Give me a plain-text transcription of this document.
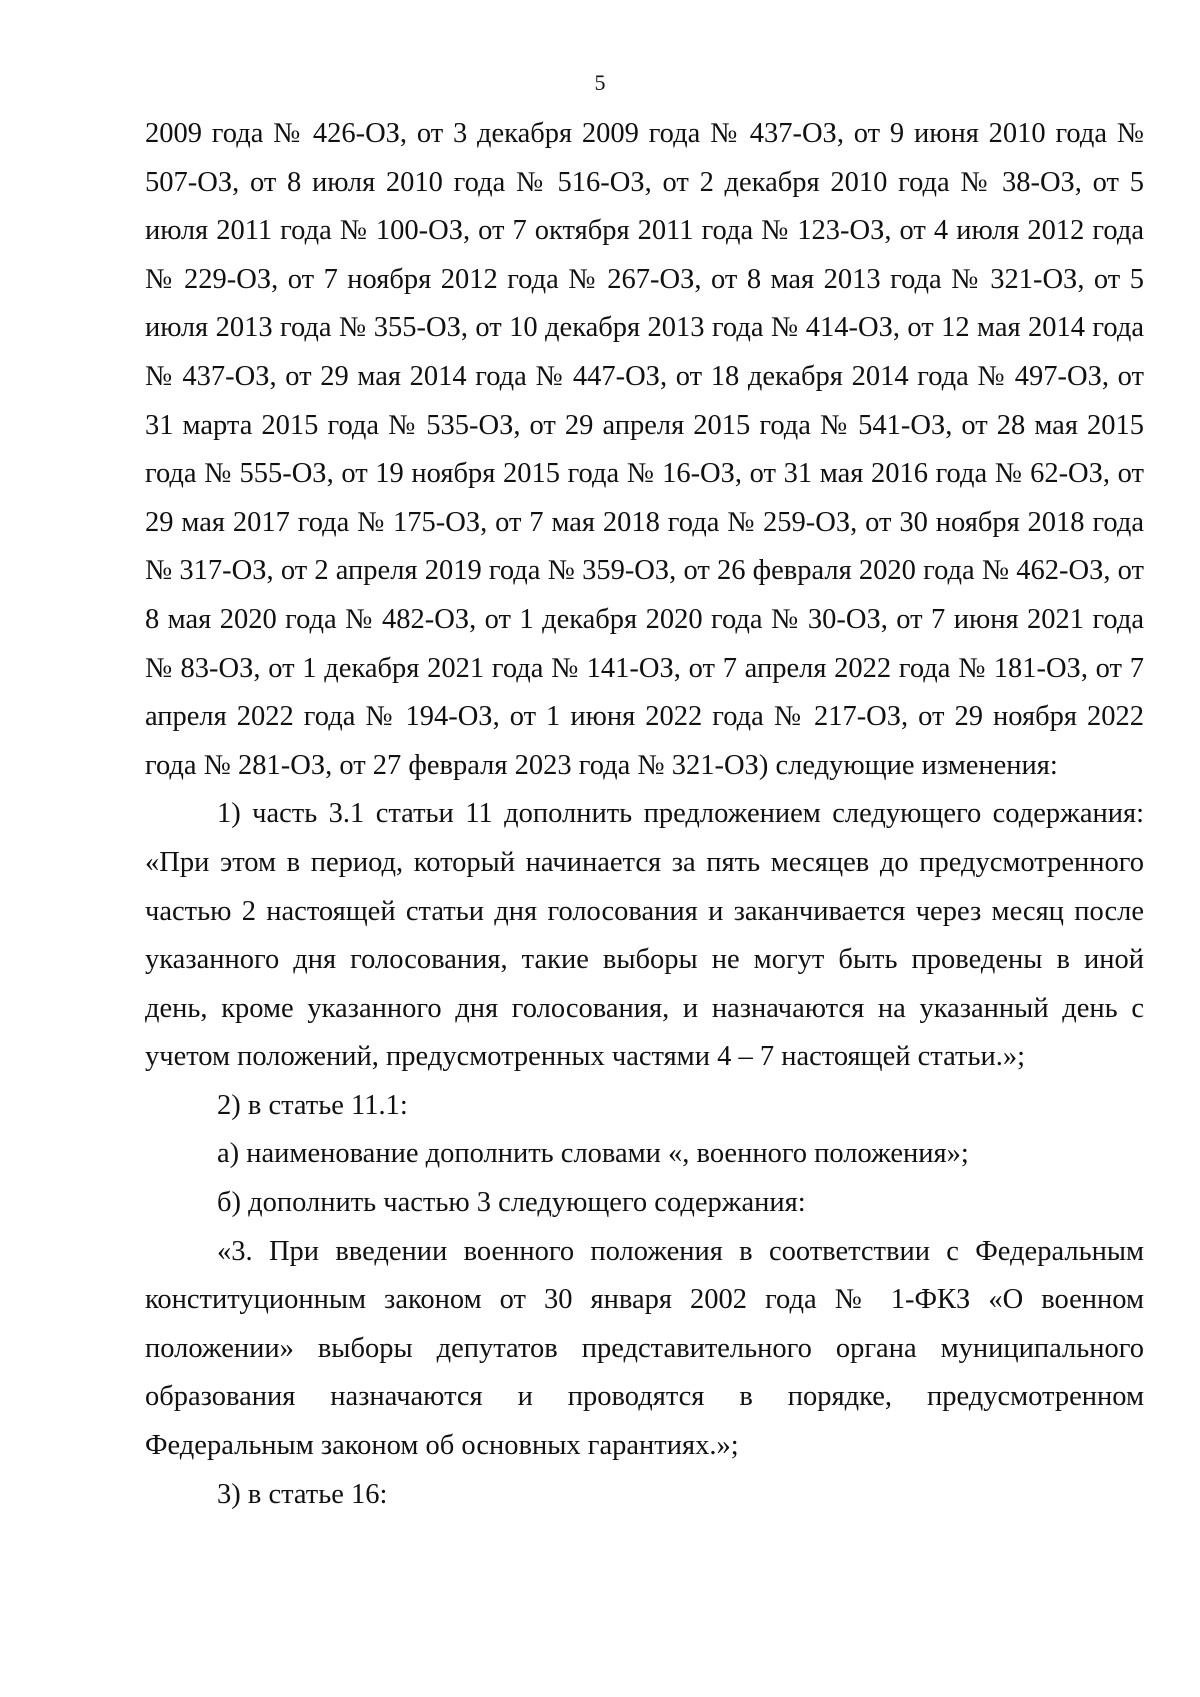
5

2009 года № 426-ОЗ, от 3 декабря 2009 года № 437-ОЗ, от 9 июня 2010 года № 507-ОЗ, от 8 июля 2010 года № 516-ОЗ, от 2 декабря 2010 года № 38-ОЗ, от 5 июля 2011 года № 100-ОЗ, от 7 октября 2011 года № 123-ОЗ, от 4 июля 2012 года № 229-ОЗ, от 7 ноября 2012 года № 267-ОЗ, от 8 мая 2013 года № 321-ОЗ, от 5 июля 2013 года № 355-ОЗ, от 10 декабря 2013 года № 414-ОЗ, от 12 мая 2014 года № 437-ОЗ, от 29 мая 2014 года № 447-ОЗ, от 18 декабря 2014 года № 497-ОЗ, от 31 марта 2015 года № 535-ОЗ, от 29 апреля 2015 года № 541-ОЗ, от 28 мая 2015 года № 555-ОЗ, от 19 ноября 2015 года № 16-ОЗ, от 31 мая 2016 года № 62-ОЗ, от 29 мая 2017 года № 175-ОЗ, от 7 мая 2018 года № 259-ОЗ, от 30 ноября 2018 года № 317-ОЗ, от 2 апреля 2019 года № 359-ОЗ, от 26 февраля 2020 года № 462-ОЗ, от 8 мая 2020 года № 482-ОЗ, от 1 декабря 2020 года № 30-ОЗ, от 7 июня 2021 года № 83-ОЗ, от 1 декабря 2021 года № 141-ОЗ, от 7 апреля 2022 года № 181-ОЗ, от 7 апреля 2022 года № 194-ОЗ, от 1 июня 2022 года № 217-ОЗ, от 29 ноября 2022 года № 281-ОЗ, от 27 февраля 2023 года № 321-ОЗ) следующие изменения:

1) часть 3.1 статьи 11 дополнить предложением следующего содержания: «При этом в период, который начинается за пять месяцев до предусмотренного частью 2 настоящей статьи дня голосования и заканчивается через месяц после указанного дня голосования, такие выборы не могут быть проведены в иной день, кроме указанного дня голосования, и назначаются на указанный день с учетом положений, предусмотренных частями 4 – 7 настоящей статьи.»;

2) в статье 11.1:

а) наименование дополнить словами «, военного положения»;

б) дополнить частью 3 следующего содержания:

«3. При введении военного положения в соответствии с Федеральным конституционным законом от 30 января 2002 года № 1-ФКЗ «О военном положении» выборы депутатов представительного органа муниципального образования назначаются и проводятся в порядке, предусмотренном Федеральным законом об основных гарантиях.»;

3) в статье 16:
